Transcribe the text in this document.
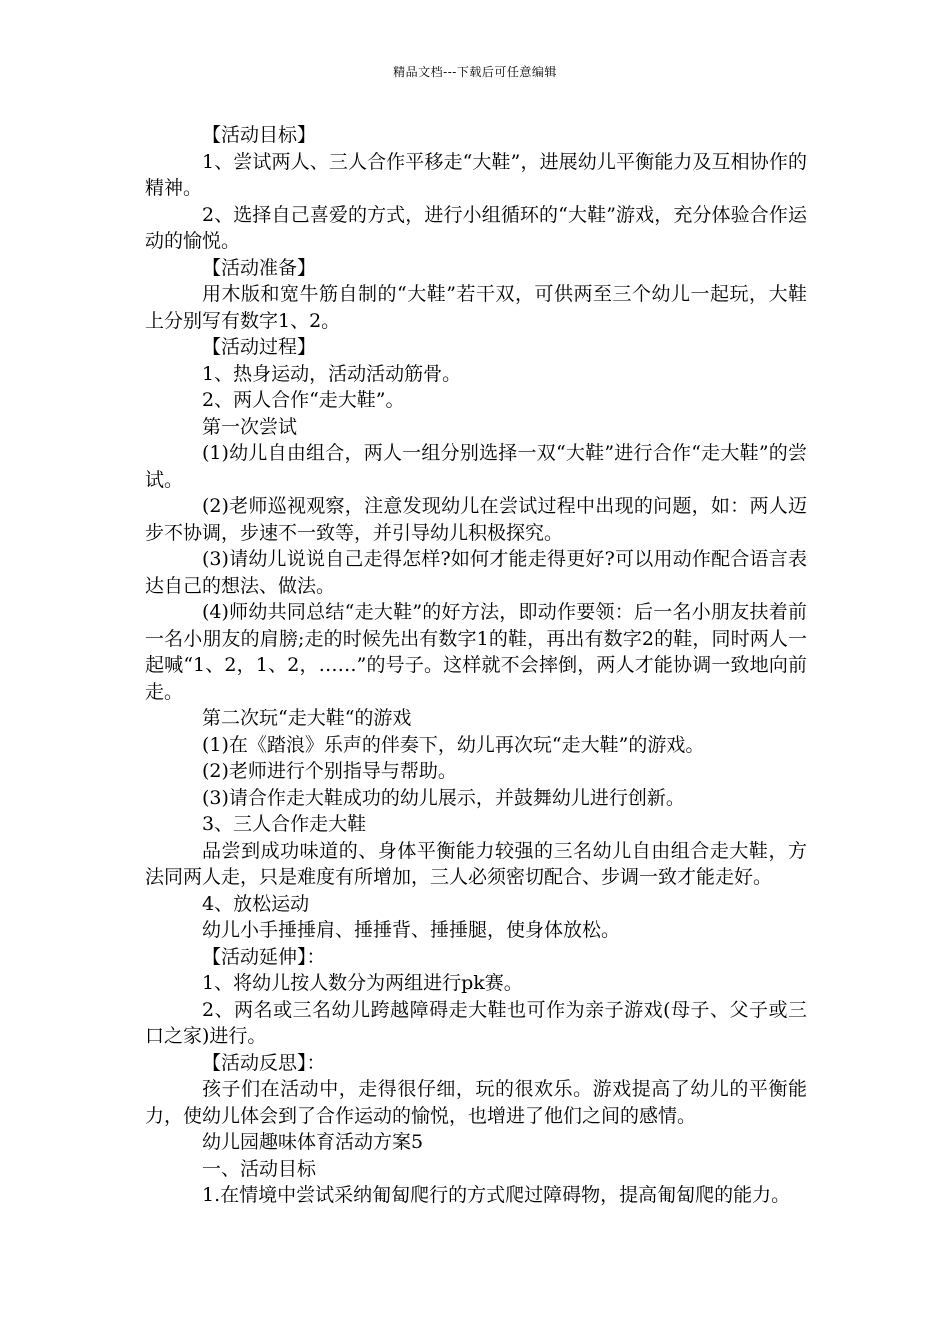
精品文档---下载后可任意编辑

【活动目标】

1、尝试两人、三人合作平移走“大鞋”，进展幼儿平衡能力及互相协作的精神。

2、选择自己喜爱的方式，进行小组循环的“大鞋”游戏，充分体验合作运动的愉悦。

【活动准备】

用木版和宽牛筋自制的“大鞋”若干双，可供两至三个幼儿一起玩，大鞋上分别写有数字1、2。

【活动过程】

1、热身运动，活动活动筋骨。

2、两人合作“走大鞋”。

第一次尝试

(1)幼儿自由组合，两人一组分别选择一双“大鞋”进行合作“走大鞋”的尝试。

(2)老师巡视观察，注意发现幼儿在尝试过程中出现的问题，如：两人迈步不协调，步速不一致等，并引导幼儿积极探究。

(3)请幼儿说说自己走得怎样?如何才能走得更好?可以用动作配合语言表达自己的想法、做法。

(4)师幼共同总结“走大鞋”的好方法，即动作要领：后一名小朋友扶着前一名小朋友的肩膀;走的时候先出有数字1的鞋，再出有数字2的鞋，同时两人一起喊“1、2，1、2，……”的号子。这样就不会摔倒，两人才能协调一致地向前走。

第二次玩“走大鞋“的游戏

(1)在《踏浪》乐声的伴奏下，幼儿再次玩“走大鞋”的游戏。

(2)老师进行个别指导与帮助。

(3)请合作走大鞋成功的幼儿展示，并鼓舞幼儿进行创新。

3、三人合作走大鞋

品尝到成功味道的、身体平衡能力较强的三名幼儿自由组合走大鞋，方法同两人走，只是难度有所增加，三人必须密切配合、步调一致才能走好。

4、放松运动

幼儿小手捶捶肩、捶捶背、捶捶腿，使身体放松。

【活动延伸】：

1、将幼儿按人数分为两组进行pk赛。

2、两名或三名幼儿跨越障碍走大鞋也可作为亲子游戏(母子、父子或三口之家)进行。

【活动反思】：

孩子们在活动中，走得很仔细，玩的很欢乐。游戏提高了幼儿的平衡能力，使幼儿体会到了合作运动的愉悦，也增进了他们之间的感情。

幼儿园趣味体育活动方案5

一、活动目标

1.在情境中尝试采纳匍匐爬行的方式爬过障碍物，提高匍匐爬的能力。
